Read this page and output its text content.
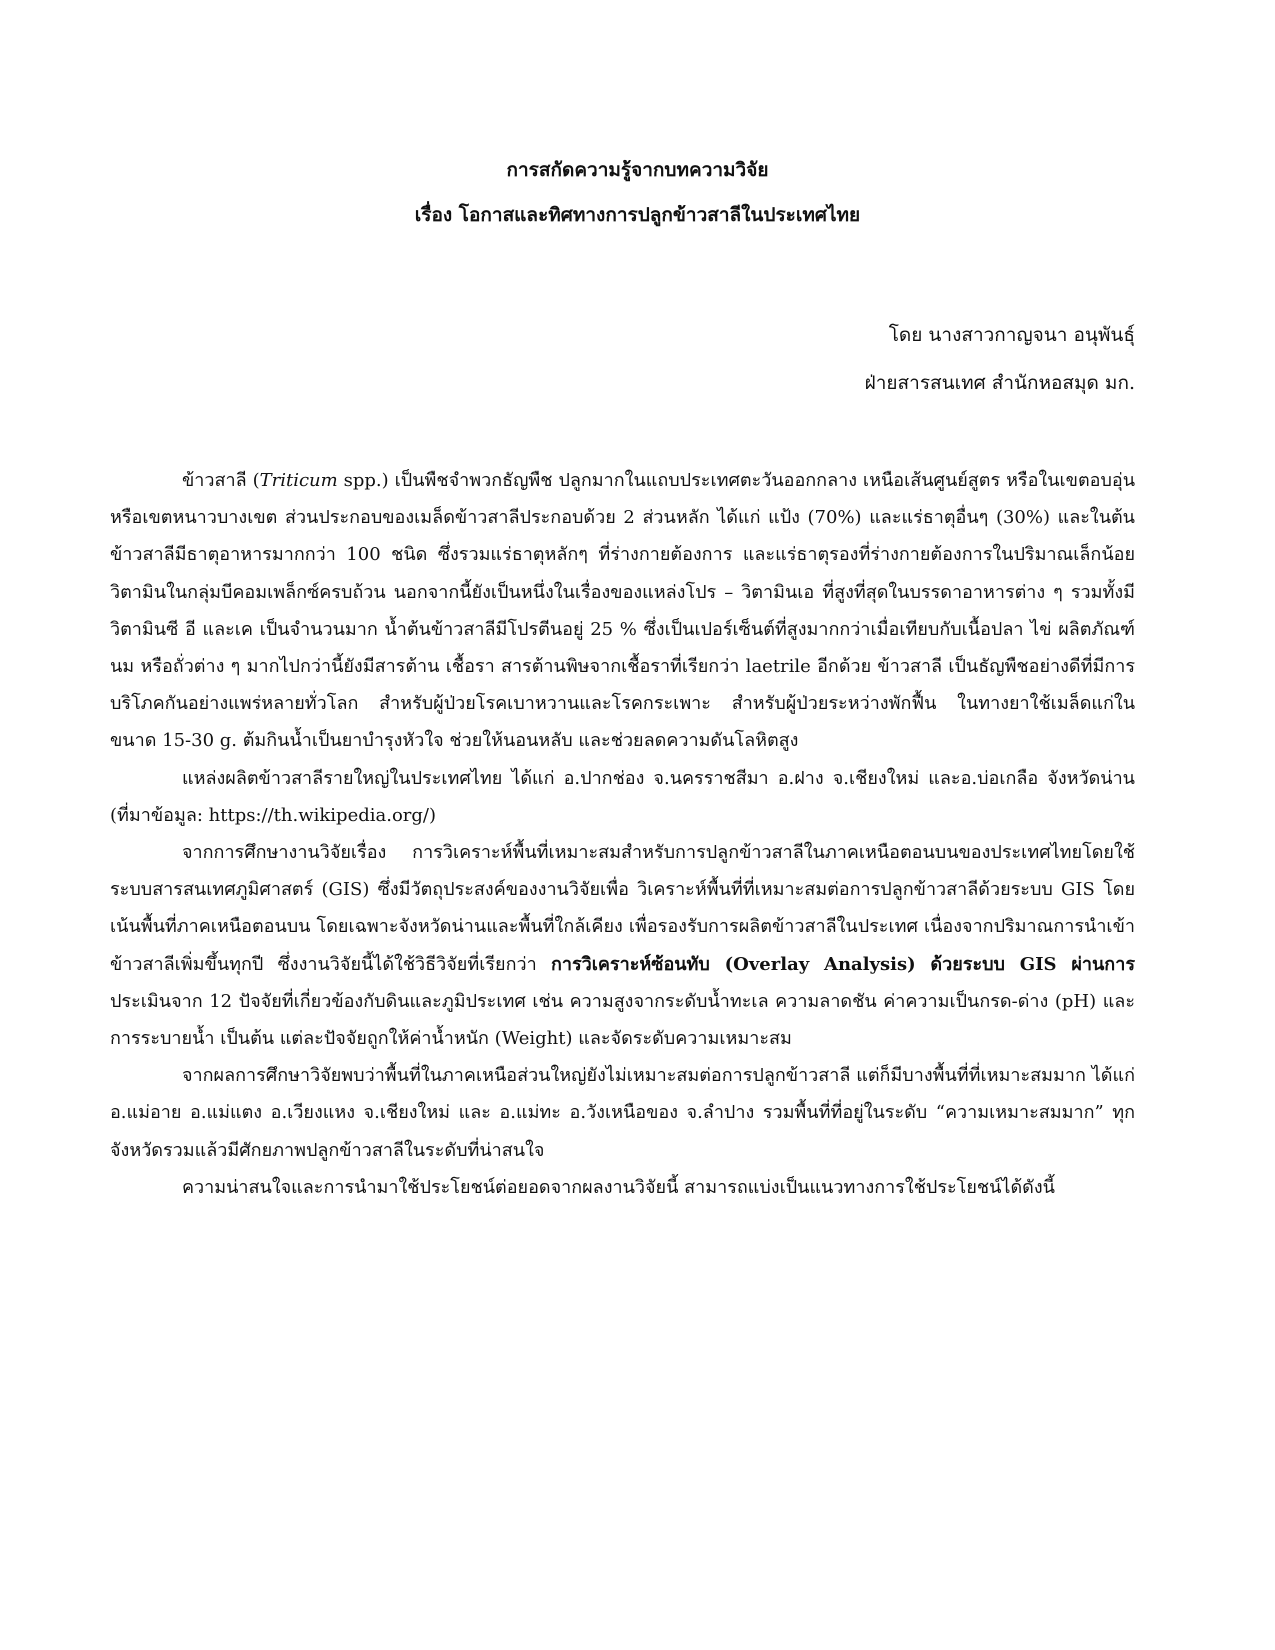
การสกัดความรู้จากบทความวิจัย
เรื่อง โอกาสและทิศทางการปลูกข้าวสาลีในประเทศไทย
โดย นางสาวกาญจนา อนุพันธุ์
ฝ่ายสารสนเทศ สำนักหอสมุด มก.

ข้าวสาลี (Triticum spp.) เป็นพืชจำพวกธัญพืช ปลูกมากในแถบประเทศตะวันออกกลาง เหนือเส้นศูนย์สูตร หรือในเขตอบอุ่น หรือเขตหนาวบางเขต ส่วนประกอบของเมล็ดข้าวสาลีประกอบด้วย 2 ส่วนหลัก ได้แก่ แป้ง (70%) และแร่ธาตุอื่นๆ (30%) และในต้นข้าวสาลีมีธาตุอาหารมากกว่า 100 ชนิด ซึ่งรวมแร่ธาตุหลักๆ ที่ร่างกายต้องการ และแร่ธาตุรองที่ร่างกายต้องการในปริมาณเล็กน้อย วิตามินในกลุ่มบีคอมเพล็กซ์ครบถ้วน นอกจากนี้ยังเป็นหนึ่งในเรื่องของแหล่งโปร – วิตามินเอ ที่สูงที่สุดในบรรดาอาหารต่าง ๆ รวมทั้งมีวิตามินซี อี และเค เป็นจำนวนมาก น้ำต้นข้าวสาลีมีโปรตีนอยู่ 25 % ซึ่งเป็นเปอร์เซ็นต์ที่สูงมากกว่าเมื่อเทียบกับเนื้อปลา ไข่ ผลิตภัณฑ์นม หรือถั่วต่าง ๆ มากไปกว่านี้ยังมีสารต้าน เชื้อรา สารต้านพิษจากเชื้อราที่เรียกว่า laetrile อีกด้วย ข้าวสาลี เป็นธัญพืชอย่างดีที่มีการบริโภคกันอย่างแพร่หลายทั่วโลก สำหรับผู้ป่วยโรคเบาหวานและโรคกระเพาะ สำหรับผู้ป่วยระหว่างพักฟื้น ในทางยาใช้เมล็ดแก่ในขนาด 15-30 g. ต้มกินน้ำเป็นยาบำรุงหัวใจ ช่วยให้นอนหลับ และช่วยลดความดันโลหิตสูง

แหล่งผลิตข้าวสาลีรายใหญ่ในประเทศไทย ได้แก่ อ.ปากช่อง จ.นครราชสีมา อ.ฝาง จ.เชียงใหม่ และอ.บ่อเกลือ จังหวัดน่าน (ที่มาข้อมูล: https://th.wikipedia.org/)

จากการศึกษางานวิจัยเรื่อง การวิเคราะห์พื้นที่เหมาะสมสำหรับการปลูกข้าวสาลีในภาคเหนือตอนบนของประเทศไทยโดยใช้ระบบสารสนเทศภูมิศาสตร์ (GIS) ซึ่งมีวัตถุประสงค์ของงานวิจัยเพื่อ วิเคราะห์พื้นที่ที่เหมาะสมต่อการปลูกข้าวสาลีด้วยระบบ GIS โดยเน้นพื้นที่ภาคเหนือตอนบน โดยเฉพาะจังหวัดน่านและพื้นที่ใกล้เคียง เพื่อรองรับการผลิตข้าวสาลีในประเทศ เนื่องจากปริมาณการนำเข้าข้าวสาลีเพิ่มขึ้นทุกปี ซึ่งงานวิจัยนี้ได้ใช้วิธีวิจัยที่เรียกว่า การวิเคราะห์ซ้อนทับ (Overlay Analysis) ด้วยระบบ GIS ผ่านการประเมินจาก 12 ปัจจัยที่เกี่ยวข้องกับดินและภูมิประเทศ เช่น ความสูงจากระดับน้ำทะเล ความลาดชัน ค่าความเป็นกรด-ด่าง (pH) และการระบายน้ำ เป็นต้น แต่ละปัจจัยถูกให้ค่าน้ำหนัก (Weight) และจัดระดับความเหมาะสม

จากผลการศึกษาวิจัยพบว่าพื้นที่ในภาคเหนือส่วนใหญ่ยังไม่เหมาะสมต่อการปลูกข้าวสาลี แต่ก็มีบางพื้นที่ที่เหมาะสมมาก ได้แก่ อ.แม่อาย อ.แม่แตง อ.เวียงแหง จ.เชียงใหม่ และ อ.แม่ทะ อ.วังเหนือของ จ.ลำปาง รวมพื้นที่ที่อยู่ในระดับ “ความเหมาะสมมาก” ทุกจังหวัดรวมแล้วมีศักยภาพปลูกข้าวสาลีในระดับที่น่าสนใจ

ความน่าสนใจและการนำมาใช้ประโยชน์ต่อยอดจากผลงานวิจัยนี้ สามารถแบ่งเป็นแนวทางการใช้ประโยชน์ได้ดังนี้
